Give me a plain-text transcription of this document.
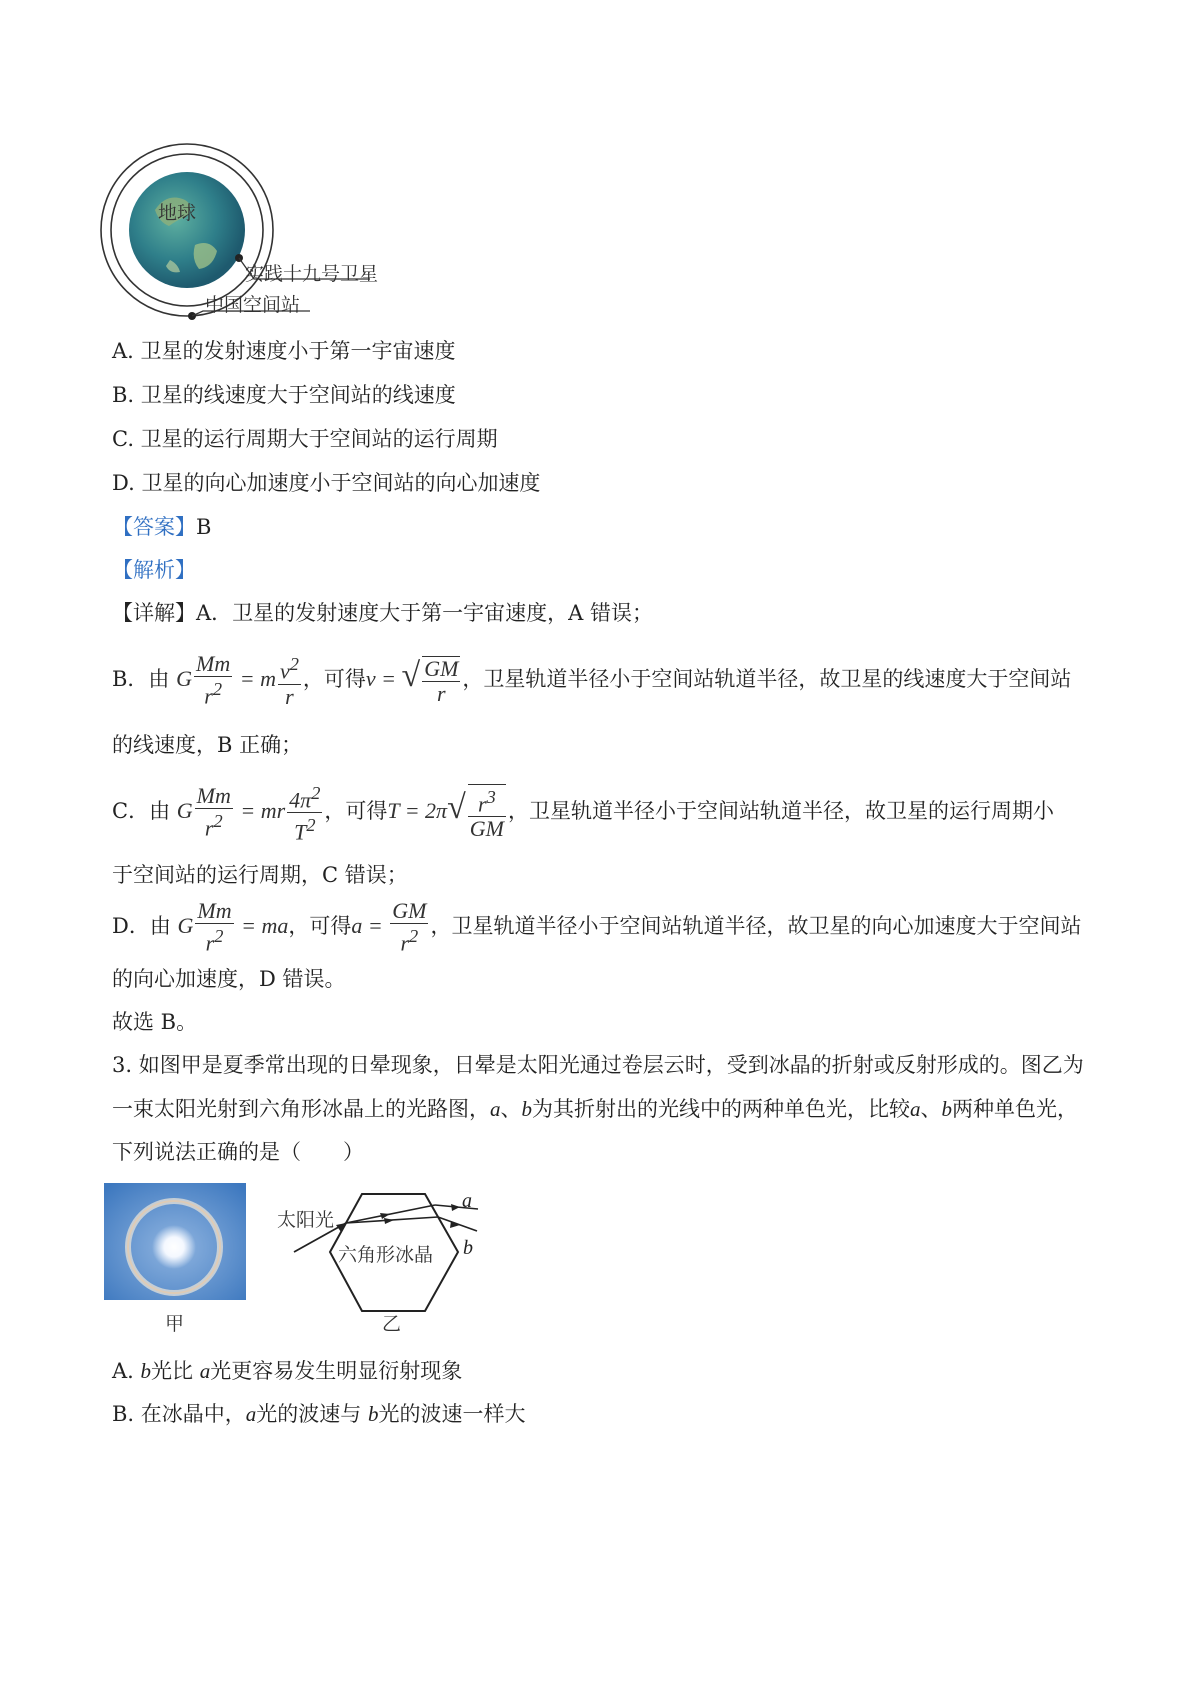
地球
实践十九号卫星
中国空间站
A. 卫星的发射速度小于第一宇宙速度
B. 卫星的线速度大于空间站的线速度
C. 卫星的运行周期大于空间站的运行周期
D. 卫星的向心加速度小于空间站的向心加速度
【答案】B
【解析】
【详解】A．卫星的发射速度大于第一宇宙速度，A 错误；
B．由 G $\frac{Mm}{r^2} = m \frac{v^2}{r}$ ，可得v = √ $\frac{GM}{r}$ ，卫星轨道半径小于空间站轨道半径，故卫星的线速度大于空间站
的线速度，B 正确；
C．由 G $\frac{Mm}{r^2}$ = mr $\frac{4\pi^2}{T^2}$ ，可得$T = 2\pi√ \frac{r^3}{GM}$ ，卫星轨道半径小于空间站轨道半径，故卫星的运行周期小
于空间站的运行周期，C 错误；
D．由 G $\frac{Mm}{r^2}$ = ma，可得$a = \frac{GM}{r^2}$ ，卫星轨道半径小于空间站轨道半径，故卫星的向心加速度大于空间站
的向心加速度，D 错误。
故选 B。
3. 如图甲是夏季常出现的日晕现象，日晕是太阳光通过卷层云时，受到冰晶的折射或反射形成的。图乙为
一束太阳光射到六角形冰晶上的光路图，a、b为其折射出的光线中的两种单色光，比较a、b两种单色光，
下列说法正确的是（　　）
甲
太阳光
六角形冰晶
a
b
乙
A. b光比 a光更容易发生明显衍射现象
B. 在冰晶中，a光的波速与 b光的波速一样大
